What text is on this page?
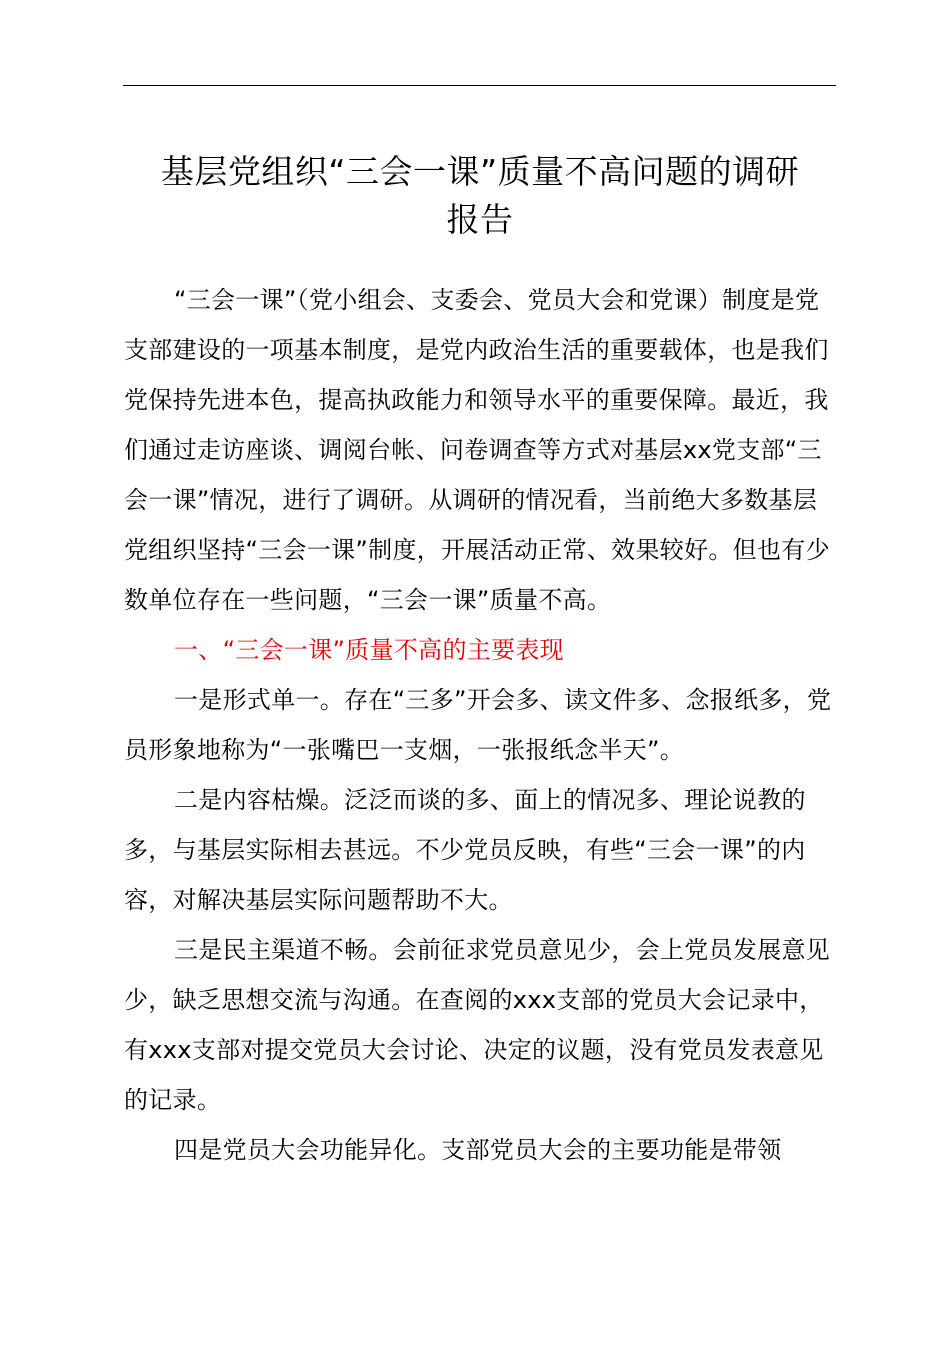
基层党组织“三会一课”质量不高问题的调研
报告

“三会一课”（党小组会、支委会、党员大会和党课）制度是党支部建设的一项基本制度，是党内政治生活的重要载体，也是我们党保持先进本色，提高执政能力和领导水平的重要保障。最近，我们通过走访座谈、调阅台帐、问卷调查等方式对基层xx党支部“三会一课”情况，进行了调研。从调研的情况看，当前绝大多数基层党组织坚持“三会一课”制度，开展活动正常、效果较好。但也有少数单位存在一些问题，“三会一课”质量不高。

一、“三会一课”质量不高的主要表现

一是形式单一。存在“三多”开会多、读文件多、念报纸多，党员形象地称为“一张嘴巴一支烟，一张报纸念半天”。

二是内容枯燥。泛泛而谈的多、面上的情况多、理论说教的多，与基层实际相去甚远。不少党员反映，有些“三会一课”的内容，对解决基层实际问题帮助不大。

三是民主渠道不畅。会前征求党员意见少，会上党员发展意见少，缺乏思想交流与沟通。在查阅的xxx支部的党员大会记录中，有xxx支部对提交党员大会讨论、决定的议题，没有党员发表意见的记录。

四是党员大会功能异化。支部党员大会的主要功能是带领
